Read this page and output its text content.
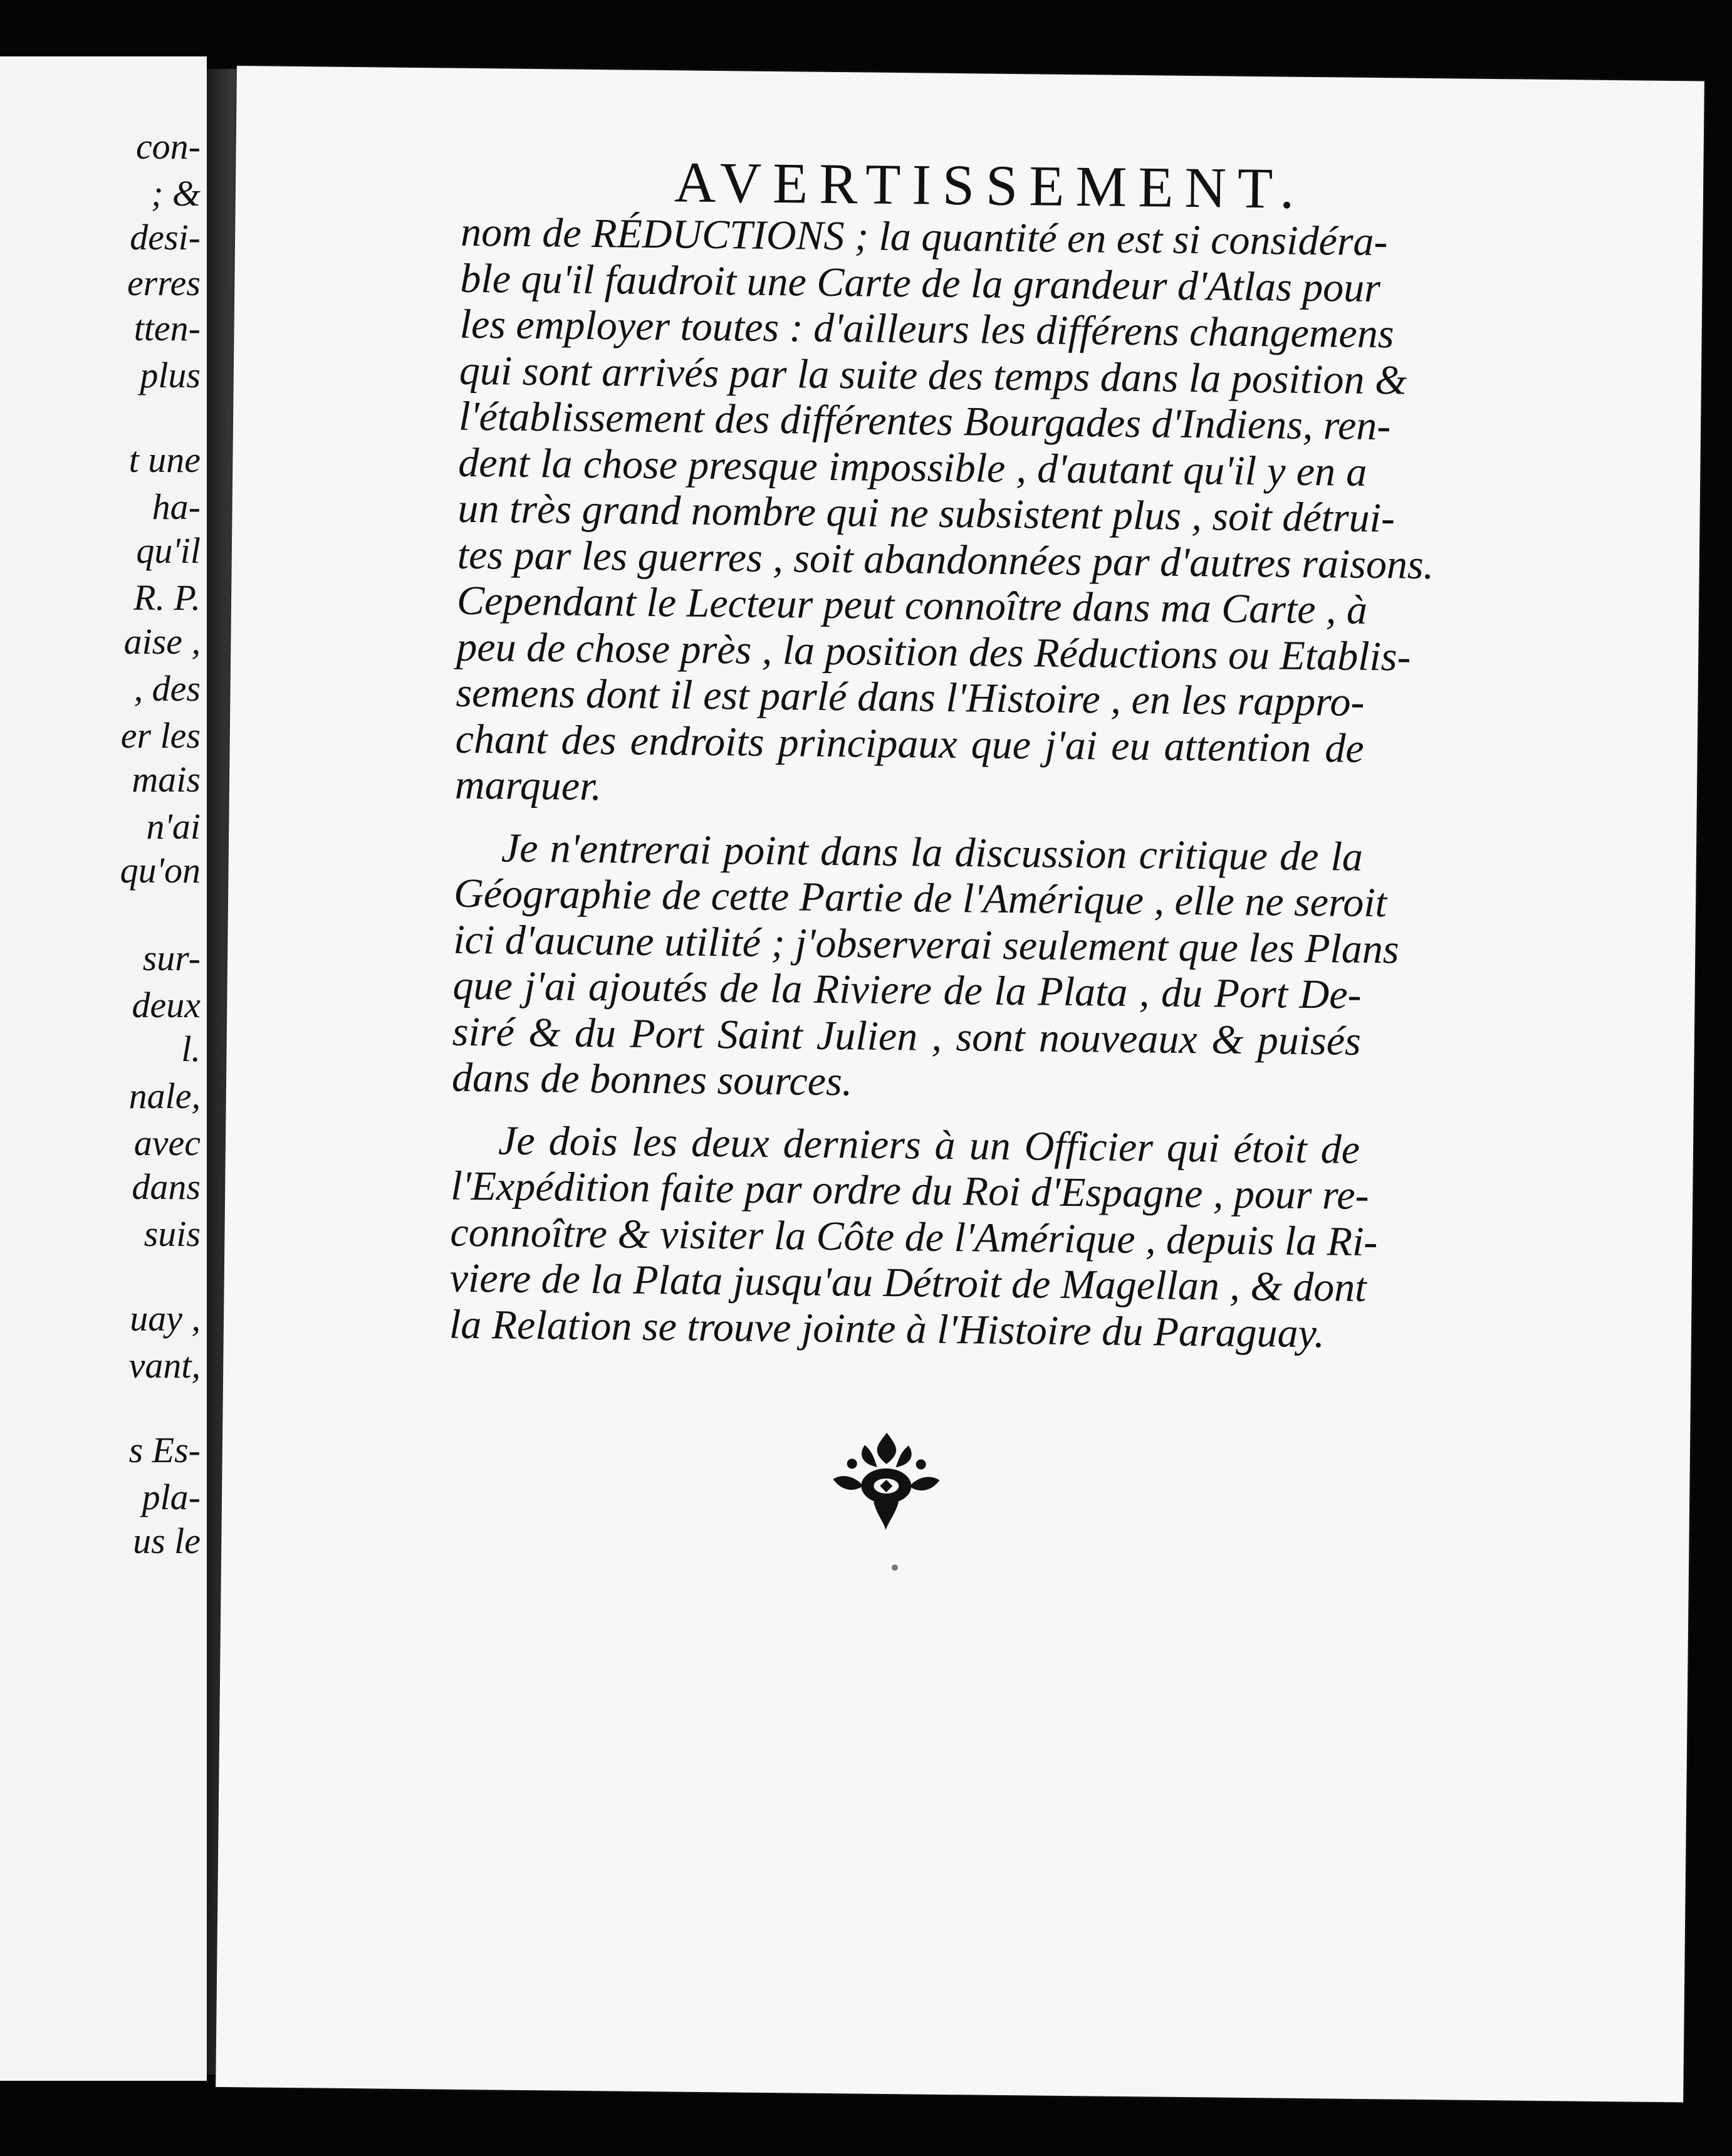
con-
; &
desi-
erres
tten-
plus
t une
ha-
qu'il
R. P.
aise ,
, des
er les
mais
n'ai
qu'on
sur-
deux
l.
nale,
avec
dans
suis
uay ,
vant,
s Es-
pla-
us le
AVERTISSEMENT.
nom de RÉDUCTIONS ; la quantité en est si considéra-
ble qu'il faudroit une Carte de la grandeur d'Atlas pour
les employer toutes : d'ailleurs les différens changemens
qui sont arrivés par la suite des temps dans la position &
l'établissement des différentes Bourgades d'Indiens, ren-
dent la chose presque impossible , d'autant qu'il y en a
un très grand nombre qui ne subsistent plus , soit détrui-
tes par les guerres , soit abandonnées par d'autres raisons.
Cependant le Lecteur peut connoître dans ma Carte , à
peu de chose près , la position des Réductions ou Etablis-
semens dont il est parlé dans l'Histoire , en les rappro-
chant des endroits principaux que j'ai eu attention de
marquer.
Je n'entrerai point dans la discussion critique de la
Géographie de cette Partie de l'Amérique , elle ne seroit
ici d'aucune utilité ; j'observerai seulement que les Plans
que j'ai ajoutés de la Riviere de la Plata , du Port De-
siré & du Port Saint Julien , sont nouveaux & puisés
dans de bonnes sources.
Je dois les deux derniers à un Officier qui étoit de
l'Expédition faite par ordre du Roi d'Espagne , pour re-
connoître & visiter la Côte de l'Amérique , depuis la Ri-
viere de la Plata jusqu'au Détroit de Magellan , & dont
la Relation se trouve jointe à l'Histoire du Paraguay.
